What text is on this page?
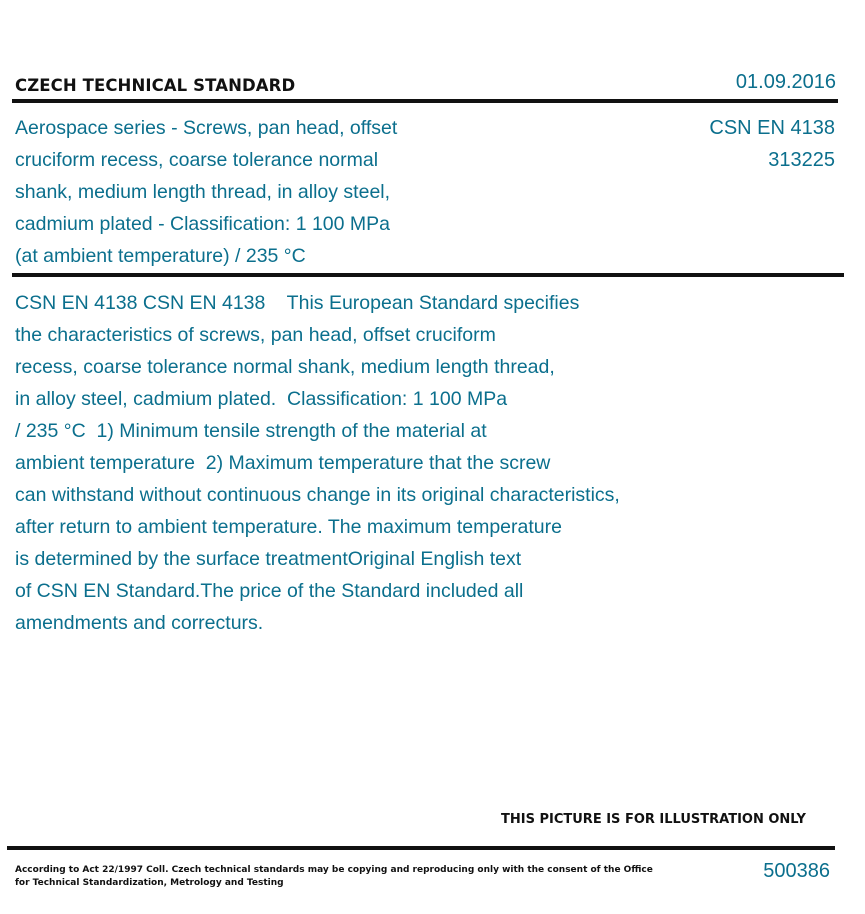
CZECH TECHNICAL STANDARD	01.09.2016
Aerospace series - Screws, pan head, offset
cruciform recess, coarse tolerance normal
shank, medium length thread, in alloy steel,
cadmium plated - Classification: 1 100 MPa
(at ambient temperature) / 235 °C
CSN EN 4138
313225
CSN EN 4138 CSN EN 4138    This European Standard specifies
the characteristics of screws, pan head, offset cruciform
recess, coarse tolerance normal shank, medium length thread,
in alloy steel, cadmium plated.  Classification: 1 100 MPa
/ 235 °C  1) Minimum tensile strength of the material at
ambient temperature  2) Maximum temperature that the screw
can withstand without continuous change in its original characteristics,
after return to ambient temperature. The maximum temperature
is determined by the surface treatmentOriginal English text
of CSN EN Standard.The price of the Standard included all
amendments and correcturs.
THIS PICTURE IS FOR ILLUSTRATION ONLY
According to Act 22/1997 Coll. Czech technical standards may be copying and reproducing only with the consent of the Office
for Technical Standardization, Metrology and Testing
500386
